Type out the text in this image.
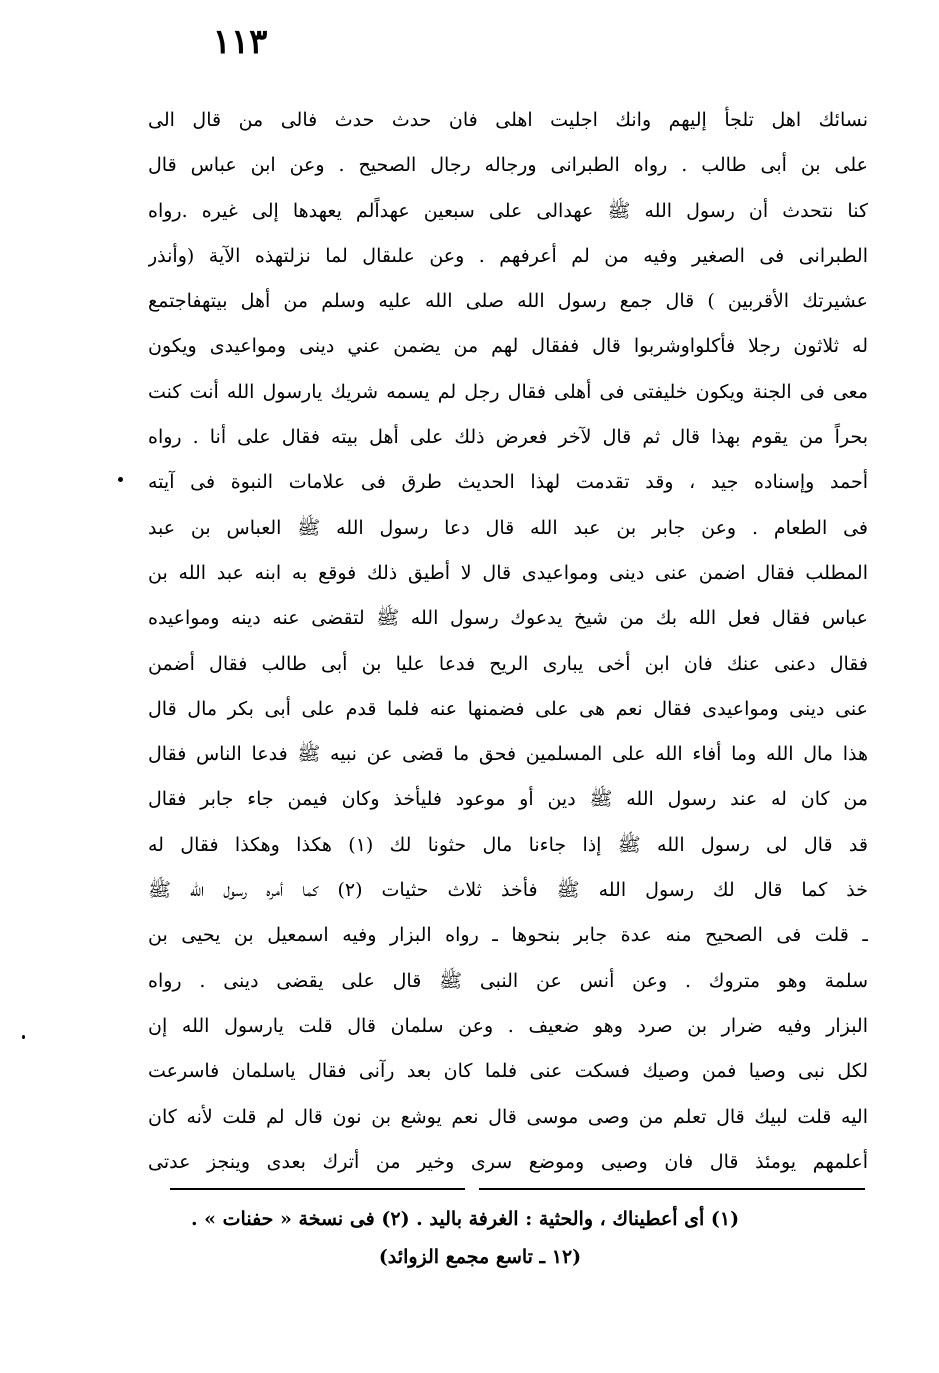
١١٣
نسائك اهل تلجأ إليهم وانك اجليت اهلى فان حدث حدث فالى من قال الى
على بن أبى طالب . رواه الطبرانى ورجاله رجال الصحيح . وعن ابن عباس قال
كنا نتحدث أن رسول الله ﷺ عهدالى على سبعين عهداًلم يعهدها إلى غيره .رواه
الطبرانى فى الصغير وفيه من لم أعرفهم . وعن علىقال لما نزلتهذه الآية (وأنذر
عشيرتك الأقربين ) قال جمع رسول الله صلى الله عليه وسلم من أهل بيتهفاجتمع
له ثلاثون رجلا فأكلواوشربوا قال ففقال لهم من يضمن عني دينى ومواعيدى ويكون
معى فى الجنة ويكون خليفتى فى أهلى فقال رجل لم يسمه شريك يارسول الله أنت كنت
بحراً من يقوم بهذا قال ثم قال لآخر فعرض ذلك على أهل بيته فقال على أنا . رواه
أحمد وإسناده جيد ، وقد تقدمت لهذا الحديث طرق فى علامات النبوة فى آيته
فى الطعام . وعن جابر بن عبد الله قال دعا رسول الله ﷺ العباس بن عبد
المطلب فقال اضمن عنى دينى ومواعيدى قال لا أطيق ذلك فوقع به ابنه عبد الله بن
عباس فقال فعل الله بك من شيخ يدعوك رسول الله ﷺ لتقضى عنه دينه ومواعيده
فقال دعنى عنك فان ابن أخى يبارى الريح فدعا عليا بن أبى طالب فقال أضمن
عنى دينى ومواعيدى فقال نعم هى على فضمنها عنه فلما قدم على أبى بكر مال قال
هذا مال الله وما أفاء الله على المسلمين فحق ما قضى عن نبيه ﷺ فدعا الناس فقال
من كان له عند رسول الله ﷺ دين أو موعود فليأخذ وكان فيمن جاء جابر فقال
قد قال لى رسول الله ﷺ إذا جاءنا مال حثونا لك (١) هكذا وهكذا فقال له
خذ كما قال لك رسول الله ﷺ فأخذ ثلاث حثيات (٢) كما أمره رسول الله ﷺ
ـ قلت فى الصحيح منه عدة جابر بنحوها ـ رواه البزار وفيه اسمعيل بن يحيى بن
سلمة وهو متروك . وعن أنس عن النبى ﷺ قال على يقضى دينى . رواه
البزار وفيه ضرار بن صرد وهو ضعيف . وعن سلمان قال قلت يارسول الله إن
لكل نبى وصيا فمن وصيك فسكت عنى فلما كان بعد رآنى فقال ياسلمان فاسرعت
اليه قلت لبيك قال تعلم من وصى موسى قال نعم يوشع بن نون قال لم قلت لأنه كان
أعلمهم يومئذ قال فان وصيى وموضع سرى وخير من أترك بعدى وينجز عدتى
(١) أى أعطيناك ، والحثية : الغرفة باليد . (٢) فى نسخة « حفنات » .
(١٢ ـ تاسع مجمع الزوائد)
